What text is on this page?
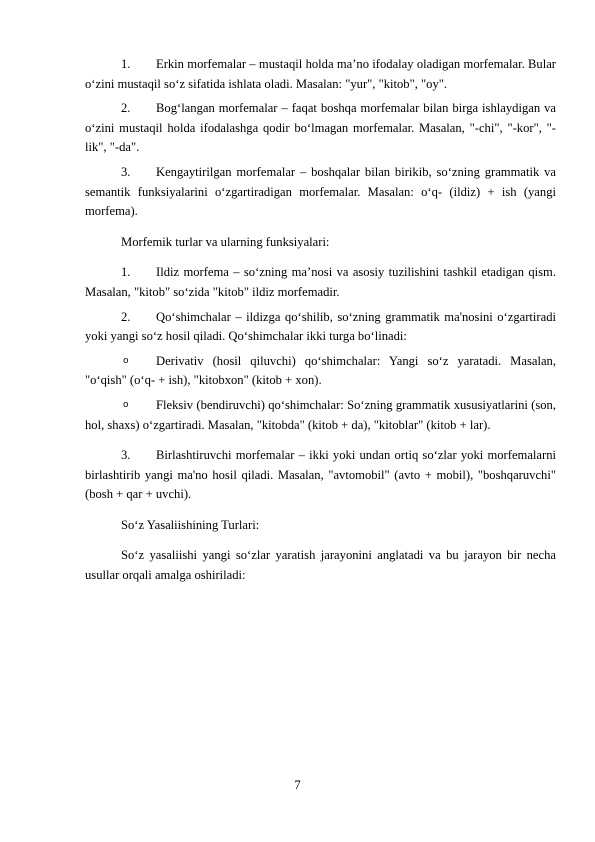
1.	Erkin morfemalar – mustaqil holda ma’no ifodalay oladigan morfemalar. Bular o‘zini mustaqil so‘z sifatida ishlata oladi. Masalan: "yur", "kitob", "oy".
2.	Bog‘langan morfemalar – faqat boshqa morfemalar bilan birga ishlaydigan va o‘zini mustaqil holda ifodalashga qodir bo‘lmagan morfemalar. Masalan, "-chi", "-kor", "-lik", "-da".
3.	Kengaytirilgan morfemalar – boshqalar bilan birikib, so‘zning grammatik va semantik funksiyalarini o‘zgartiradigan morfemalar. Masalan: o‘q- (ildiz) + ish (yangi morfema).
Morfemik turlar va ularning funksiyalari:
1.	Ildiz morfema – so‘zning ma’nosi va asosiy tuzilishini tashkil etadigan qism. Masalan, "kitob" so‘zida "kitob" ildiz morfemadir.
2.	Qo‘shimchalar – ildizga qo‘shilib, so‘zning grammatik ma'nosini o‘zgartiradi yoki yangi so‘z hosil qiladi. Qo‘shimchalar ikki turga bo‘linadi:
o	Derivativ (hosil qiluvchi) qo‘shimchalar: Yangi so‘z yaratadi. Masalan, "o‘qish" (o‘q- + ish), "kitobxon" (kitob + xon).
o	Fleksiv (bendiruvchi) qo‘shimchalar: So‘zning grammatik xususiyatlarini (son, hol, shaxs) o‘zgartiradi. Masalan, "kitobda" (kitob + da), "kitoblar" (kitob + lar).
3.	Birlashtiruvchi morfemalar – ikki yoki undan ortiq so‘zlar yoki morfemalarni birlashtirib yangi ma'no hosil qiladi. Masalan, "avtomobil" (avto + mobil), "boshqaruvchi" (bosh + qar + uvchi).
So‘z Yasaliishining Turlari:
So‘z yasaliishi yangi so‘zlar yaratish jarayonini anglatadi va bu jarayon bir necha usullar orqali amalga oshiriladi:
7
